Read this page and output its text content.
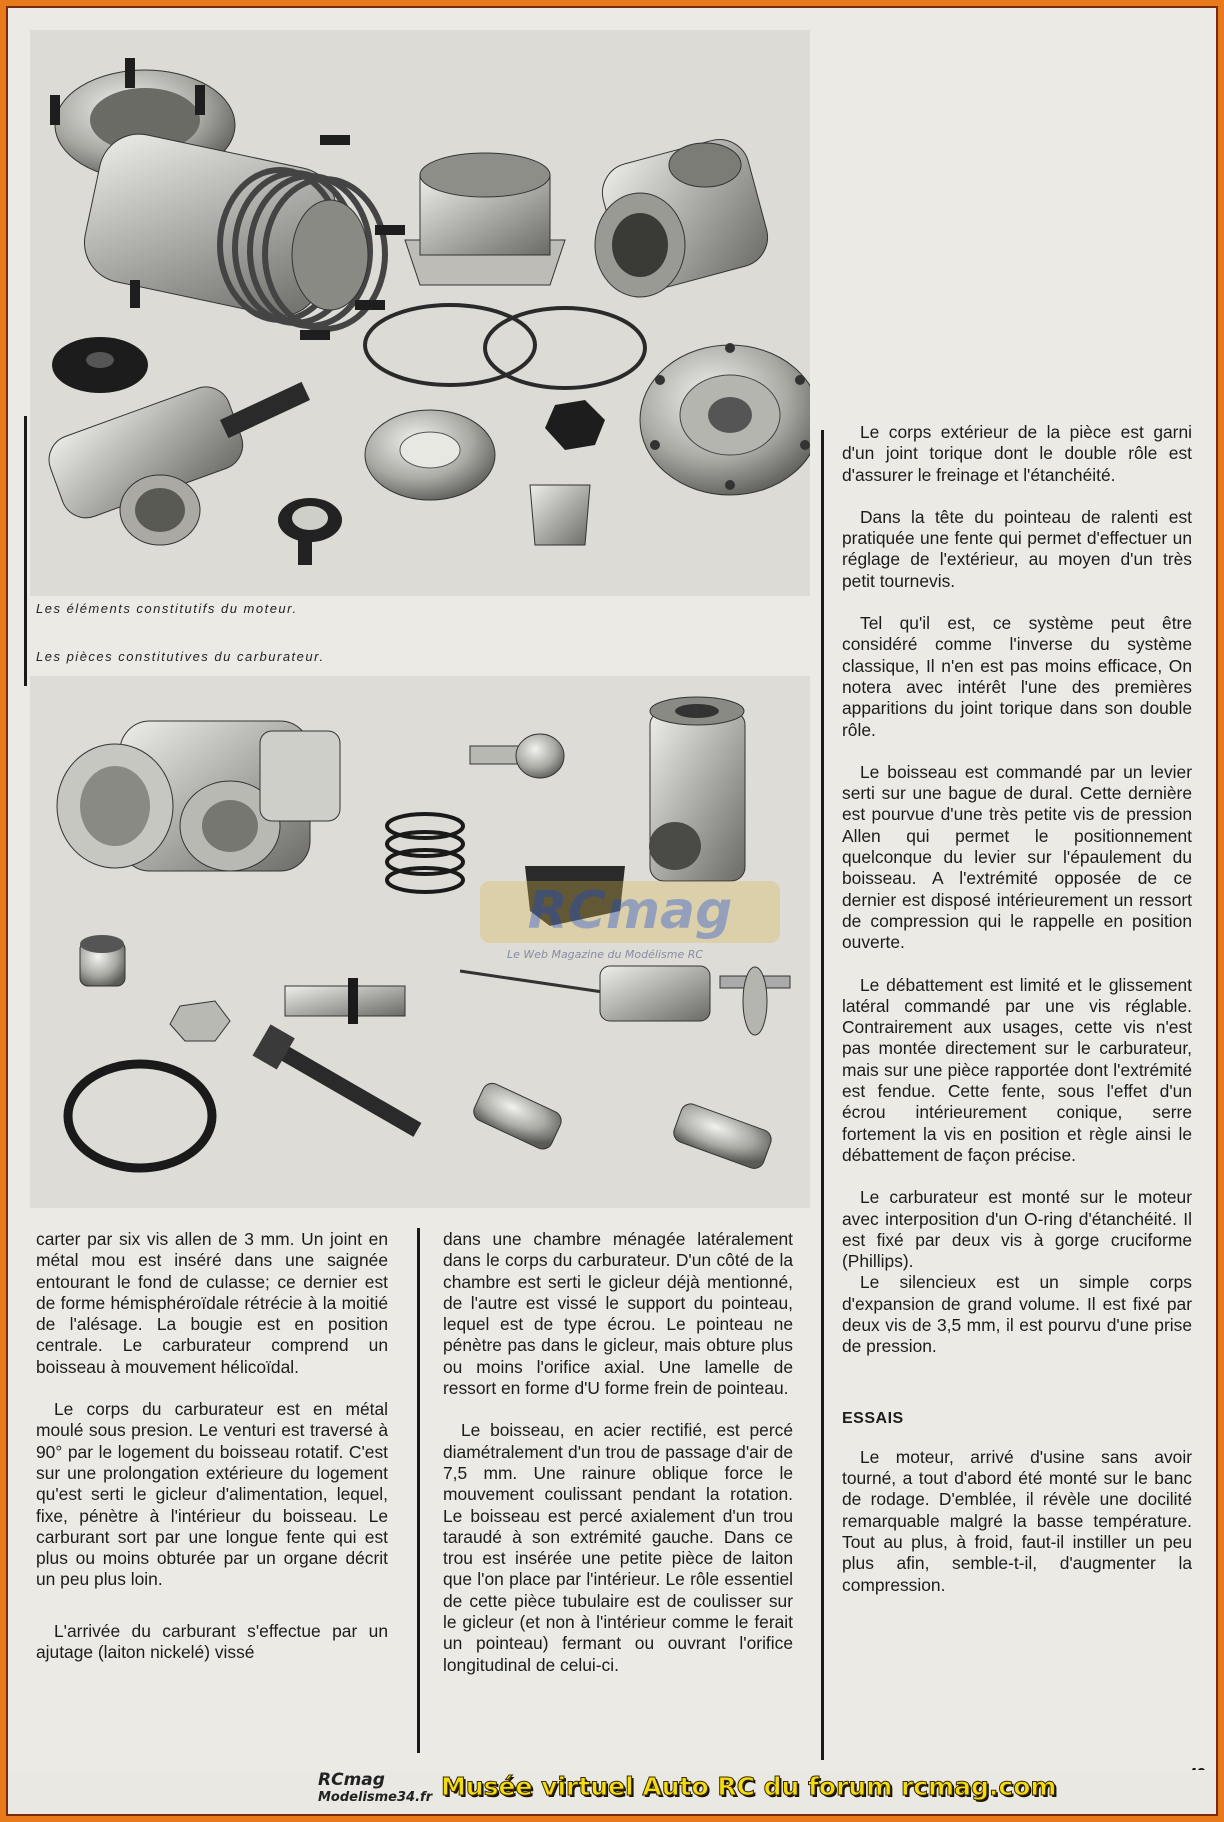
Les éléments constitutifs du moteur.
Les pièces constitutives du carburateur.
RCmag
Le Web Magazine du Modélisme RC

carter par six vis allen de 3 mm. Un joint en métal mou est inséré dans une saignée entourant le fond de culasse; ce dernier est de forme hémisphéroïdale rétrécie à la moitié de l'alésage. La bougie est en position centrale. Le carburateur comprend un boisseau à mouvement hélicoïdal.

Le corps du carburateur est en métal moulé sous presion. Le venturi est traversé à 90° par le logement du boisseau rotatif. C'est sur une prolongation extérieure du logement qu'est serti le gicleur d'alimentation, lequel, fixe, pénètre à l'intérieur du boisseau. Le carburant sort par une longue fente qui est plus ou moins obturée par un organe décrit un peu plus loin.

L'arrivée du carburant s'effectue par un ajutage (laiton nickelé) vissé

dans une chambre ménagée latéralement dans le corps du carburateur. D'un côté de la chambre est serti le gicleur déjà mentionné, de l'autre est vissé le support du pointeau, lequel est de type écrou. Le pointeau ne pénètre pas dans le gicleur, mais obture plus ou moins l'orifice axial. Une lamelle de ressort en forme d'U forme frein de pointeau.

Le boisseau, en acier rectifié, est percé diamétralement d'un trou de passage d'air de 7,5 mm. Une rainure oblique force le mouvement coulissant pendant la rotation. Le boisseau est percé axialement d'un trou taraudé à son extrémité gauche. Dans ce trou est insérée une petite pièce de laiton que l'on place par l'intérieur. Le rôle essentiel de cette pièce tubulaire est de coulisser sur le gicleur (et non à l'intérieur comme le ferait un pointeau) fermant ou ouvrant l'orifice longitudinal de celui-ci.

Le corps extérieur de la pièce est garni d'un joint torique dont le double rôle est d'assurer le freinage et l'étanchéité.

Dans la tête du pointeau de ralenti est pratiquée une fente qui permet d'effectuer un réglage de l'extérieur, au moyen d'un très petit tournevis.

Tel qu'il est, ce système peut être considéré comme l'inverse du système classique, Il n'en est pas moins efficace, On notera avec intérêt l'une des premières apparitions du joint torique dans son double rôle.

Le boisseau est commandé par un levier serti sur une bague de dural. Cette dernière est pourvue d'une très petite vis de pression Allen qui permet le positionnement quelconque du levier sur l'épaulement du boisseau. A l'extrémité opposée de ce dernier est disposé intérieurement un ressort de compression qui le rappelle en position ouverte.

Le débattement est limité et le glissement latéral commandé par une vis réglable. Contrairement aux usages, cette vis n'est pas montée directement sur le carburateur, mais sur une pièce rapportée dont l'extrémité est fendue. Cette fente, sous l'effet d'un écrou intérieurement conique, serre fortement la vis en position et règle ainsi le débattement de façon précise.

Le carburateur est monté sur le moteur avec interposition d'un O-ring d'étanchéité. Il est fixé par deux vis à gorge cruciforme (Phillips).

Le silencieux est un simple corps d'expansion de grand volume. Il est fixé par deux vis de 3,5 mm, il est pourvu d'une prise de pression.

ESSAIS

Le moteur, arrivé d'usine sans avoir tourné, a tout d'abord été monté sur le banc de rodage. D'emblée, il révèle une docilité remarquable malgré la basse température. Tout au plus, à froid, faut-il instiller un peu plus afin, semble-t-il, d'augmenter la compression.

RCmag
Modelisme34.fr Musée virtuel Auto RC du forum rcmag.com
